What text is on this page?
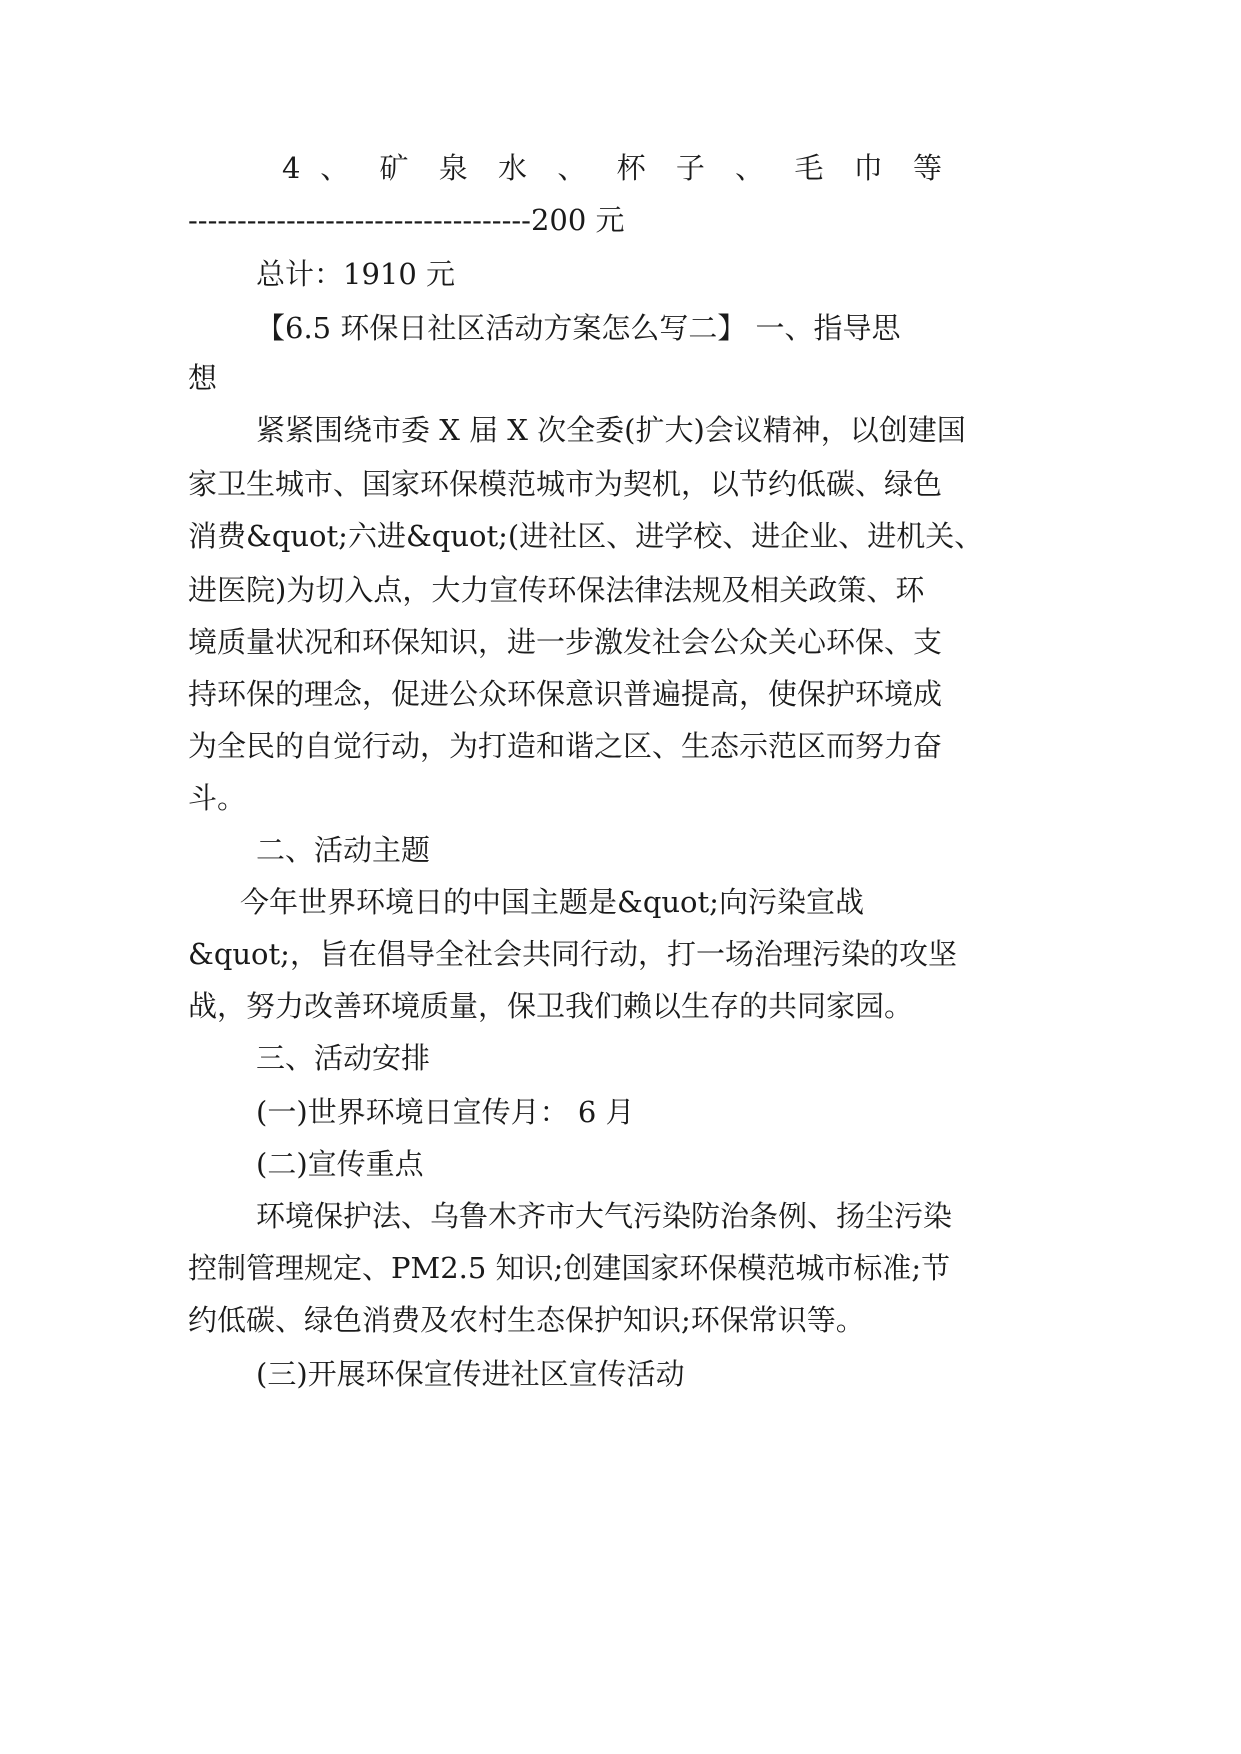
4 、 矿 泉 水 、 杯 子 、 毛 巾 等
-----------------------------------200 元
总计：1910 元
【6.5 环保日社区活动方案怎么写二】 一、指导思
想
紧紧围绕市委 X 届 X 次全委(扩大)会议精神，以创建国
家卫生城市、国家环保模范城市为契机，以节约低碳、绿色
消费&quot;六进&quot;(进社区、进学校、进企业、进机关、
进医院)为切入点，大力宣传环保法律法规及相关政策、环
境质量状况和环保知识，进一步激发社会公众关心环保、支
持环保的理念，促进公众环保意识普遍提高，使保护环境成
为全民的自觉行动，为打造和谐之区、生态示范区而努力奋
斗。
二、活动主题
今年世界环境日的中国主题是&quot;向污染宣战
&quot;，旨在倡导全社会共同行动，打一场治理污染的攻坚
战，努力改善环境质量，保卫我们赖以生存的共同家园。
三、活动安排
(一)世界环境日宣传月： 6 月
(二)宣传重点
环境保护法、乌鲁木齐市大气污染防治条例、扬尘污染
控制管理规定、PM2.5 知识;创建国家环保模范城市标准;节
约低碳、绿色消费及农村生态保护知识;环保常识等。
(三)开展环保宣传进社区宣传活动
